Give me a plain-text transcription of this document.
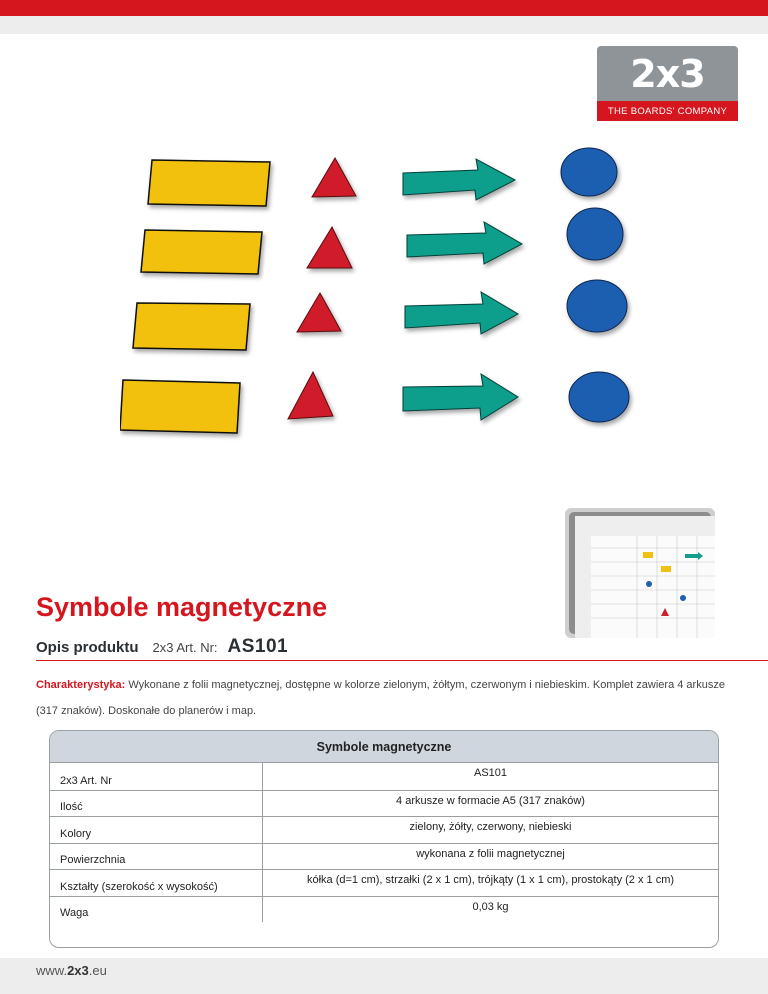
2x3
THE BOARDS' COMPANY
Symbole magnetyczne
Opis produktu 2x3 Art. Nr: AS101
Charakterystyka: Wykonane z folii magnetycznej, dostępne w kolorze zielonym, żółtym, czerwonym i niebieskim. Komplet zawiera 4 arkusze (317 znaków). Doskonałe do planerów i map.
Symbole magnetyczne
2x3 Art. Nr
AS101
Ilość
4 arkusze w formacie A5 (317 znaków)
Kolory
zielony, żółty, czerwony, niebieski
Powierzchnia
wykonana z folii magnetycznej
Kształty (szerokość x wysokość)
kółka (d=1 cm), strzałki (2 x 1 cm), trójkąty (1 x 1 cm), prostokąty (2 x 1 cm)
Waga
0,03 kg
www.2x3.eu
